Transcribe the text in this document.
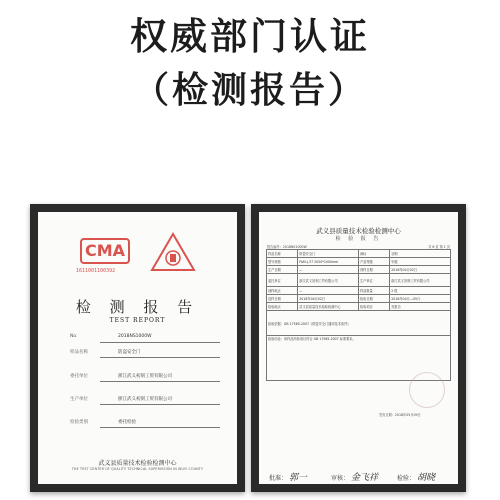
权威部门认证
（检测报告）
CMA
1611001100392
检 测 报 告
TEST REPORT
No.	2018NS1000W
样品名称	防盗安全门
委托单位	浙江武义初刻工贸有限公司
生产单位	浙江武义初刻工贸有限公司
检验类别	委托检验
武义县质量技术检验检测中心
THE TEST CENTER OF QUALITY TECHNICAL SUPERVISION IN WUYI COUNTY
武义县质量技术检验检测中心
检 验 报 告
报告编号：2018NS1000W	共 6 页 第 1 页
样品名称	防盗安全门	商标	初刻
型号规格	FAM-J-37 2050*1000mm	产品等级	甲级
生产日期	—	到样日期	2018年04月02日
委托单位	浙江武义初刻工贸有限公司	生产单位	浙江武义初刻工贸有限公司
抽样地点	—	样品数量	2 樘
送样日期	2018年04月02日	检验日期	2018年04月—05月
检验地点	武义县质量技术检验检测中心	检验项目	见报告
检验依据：GB 17565-2007《防盗安全门通用技术条件》			
检验结论：该样品所检项目符合 GB 17565-2007 标准要求。			
签发日期：2018年05月09日
批准： 郭一	审核： 金飞祥	检验： 胡晓
